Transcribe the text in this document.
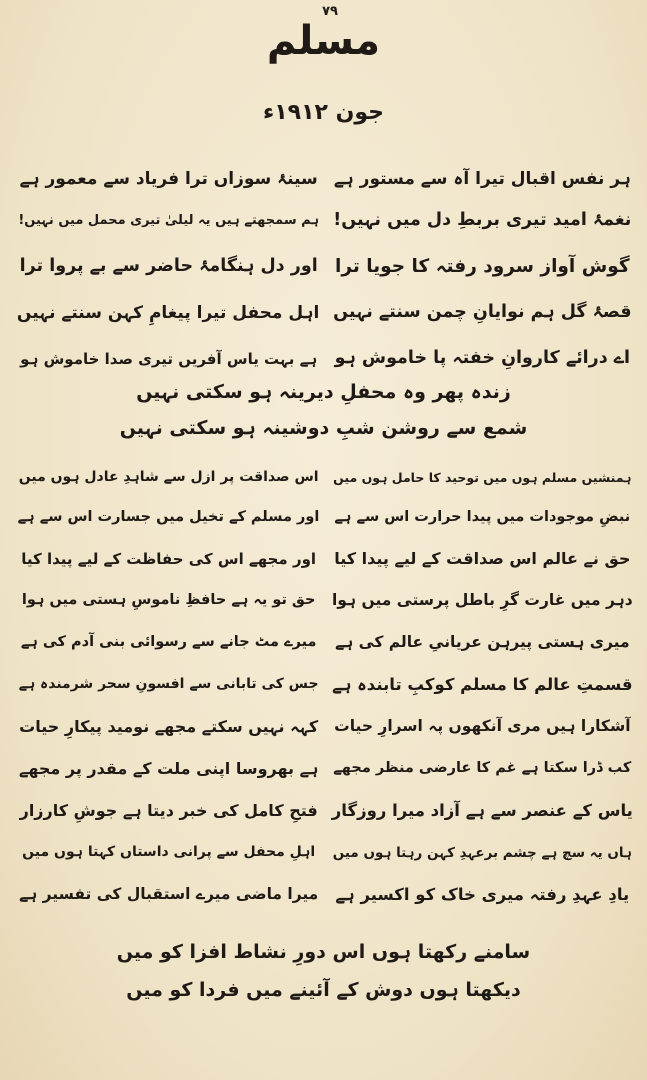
۷۹
مسلم
جون ۱۹۱۲ء
ہر نفس اقبال تیرا آہ سے مستور ہے
سینۂ سوزاں ترا فریاد سے معمور ہے
نغمۂ امید تیری بربطِ دل میں نہیں!
ہم سمجھتے ہیں یہ لیلیٰ تیری محمل میں نہیں!
گوش آواز سرود رفتہ کا جویا ترا
اور دل ہنگامۂ حاضر سے بے پروا ترا
قصۂ گل ہم نوایانِ چمن سنتے نہیں
اہل محفل تیرا پیغامِ کہن سنتے نہیں
اے درائے کاروانِ خفتہ پا خاموش ہو
ہے بہت یاس آفریں تیری صدا خاموش ہو
زندہ پھر وہ محفلِ دیرینہ ہو سکتی نہیں
شمع سے روشن شبِ دوشینہ ہو سکتی نہیں
ہمنشیں مسلم ہوں میں توحید کا حامل ہوں میں
اس صداقت پر ازل سے شاہدِ عادل ہوں میں
نبضِ موجودات میں پیدا حرارت اس سے ہے
اور مسلم کے تخیل میں جسارت اس سے ہے
حق نے عالم اس صداقت کے لیے پیدا کیا
اور مجھے اس کی حفاظت کے لیے پیدا کیا
دہر میں غارت گرِ باطل پرستی میں ہوا
حق تو یہ ہے حافظِ ناموسِ ہستی میں ہوا
میری ہستی پیرہن عریانیِ عالم کی ہے
میرے مٹ جانے سے رسوائی بنی آدم کی ہے
قسمتِ عالم کا مسلم کوکبِ تابندہ ہے
جس کی تابانی سے افسونِ سحر شرمندہ ہے
آشکارا ہیں مری آنکھوں پہ اسرارِ حیات
کہہ نہیں سکتے مجھے نومید پیکارِ حیات
کب ڈرا سکتا ہے غم کا عارضی منظر مجھے
ہے بھروسا اپنی ملت کے مقدر پر مجھے
یاس کے عنصر سے ہے آزاد میرا روزگار
فتحِ کامل کی خبر دیتا ہے جوشِ کارزار
ہاں یہ سچ ہے چشم برعہدِ کہن رہتا ہوں میں
اہلِ محفل سے پرانی داستاں کہتا ہوں میں
یادِ عہدِ رفتہ میری خاک کو اکسیر ہے
میرا ماضی میرے استقبال کی تفسیر ہے
سامنے رکھتا ہوں اس دورِ نشاط افزا کو میں
دیکھتا ہوں دوش کے آئینے میں فردا کو میں
